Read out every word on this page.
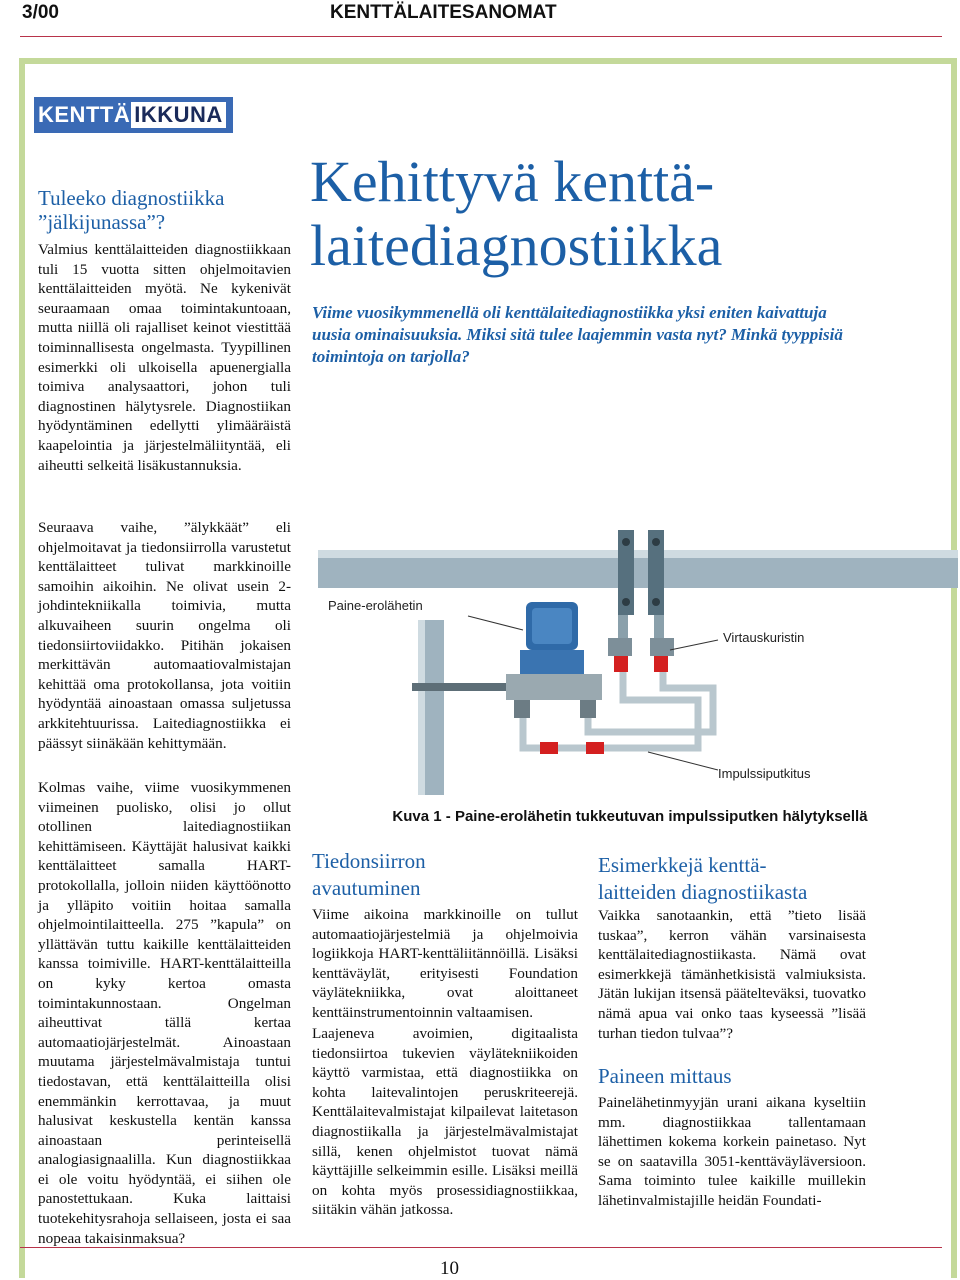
3/00	KENTTÄLAITESANOMAT
KENTTÄ IKKUNA
Tuleeko diagnostiikka ”jälkijunassa”?
Valmius kenttälaitteiden diagnostiikkaan tuli 15 vuotta sitten ohjelmoitavien kenttälaitteiden myötä. Ne kykenivät seuraamaan omaa toimintakuntoaan, mutta niillä oli rajalliset keinot viestittää toiminnallisesta ongelmasta. Tyypillinen esimerkki oli ulkoisella apuenergialla toimiva analysaattori, johon tuli diagnostinen hälytysrele. Diagnostiikan hyödyntäminen edellytti ylimääräistä kaapelointia ja järjestelmäliityntää, eli aiheutti selkeitä lisäkustannuksia.
Seuraava vaihe, ”älykkäät” eli ohjelmoitavat ja tiedonsiirrolla varustetut kenttälaitteet tulivat markkinoille samoihin aikoihin. Ne olivat usein 2-johdintekniikalla toimivia, mutta alkuvaiheen suurin ongelma oli tiedonsiirtoviidakko. Pitihän jokaisen merkittävän automaatiovalmistajan kehittää oma protokollansa, jota voitiin hyödyntää ainoastaan omassa suljetussa arkkitehtuurissa. Laitediagnostiikka ei päässyt siinäkään kehittymään.
Kolmas vaihe, viime vuosikymmenen viimeinen puolisko, olisi jo ollut otollinen laitediagnostiikan kehittämiseen. Käyttäjät halusivat kaikki kenttälaitteet samalla HART-protokollalla, jolloin niiden käyttöönotto ja ylläpito voitiin hoitaa samalla ohjelmointilaitteella. 275 ”kapula” on yllättävän tuttu kaikille kenttälaitteiden kanssa toimiville. HART-kenttälaitteilla on kyky kertoa omasta toimintakunnostaan. Ongelman aiheuttivat tällä kertaa automaatiojärjestelmät. Ainoastaan muutama järjestelmävalmistaja tuntui tiedostavan, että kenttälaitteilla olisi enemmänkin kerrottavaa, ja muut halusivat keskustella kentän kanssa ainoastaan perinteisellä analogiasignaalilla. Kun diagnostiikkaa ei ole voitu hyödyntää, ei siihen ole panostettukaan. Kuka laittaisi tuotekehitysrahoja sellaiseen, josta ei saa nopeaa takaisinmaksua?
Kehittyvä kenttä-
laitediagnostiikka
Viime vuosikymmenellä oli kenttälaitediagnostiikka yksi eniten kaivattuja uusia ominaisuuksia. Miksi sitä tulee laajemmin vasta nyt? Minkä tyyppisiä toimintoja on tarjolla?
Paine-erolähetin
Virtauskuristin
Impulssiputkitus
Kuva 1 - Paine-erolähetin tukkeutuvan impulssiputken hälytyksellä
Tiedonsiirron
avautuminen
Viime aikoina markkinoille on tullut automaatiojärjestelmiä ja ohjelmoivia logiikkoja HART-kenttäliitännöillä. Lisäksi kenttäväylät, erityisesti Foundation väylätekniikka, ovat aloittaneet kenttäinstrumentoinnin valtaamisen.
Laajeneva avoimien, digitaalista tiedonsiirtoa tukevien väylätekniikoiden käyttö varmistaa, että diagnostiikka on kohta laitevalintojen peruskriteerejä. Kenttälaitevalmistajat kilpailevat laitetason diagnostiikalla ja järjestelmävalmistajat sillä, kenen ohjelmistot tuovat nämä käyttäjille selkeimmin esille. Lisäksi meillä on kohta myös prosessidiagnostiikkaa, siitäkin vähän jatkossa.
Esimerkkejä kenttä-
laitteiden diagnostiikasta
Vaikka sanotaankin, että ”tieto lisää tuskaa”, kerron vähän varsinaisesta kenttälaitediagnostiikasta. Nämä ovat esimerkkejä tämänhetkisistä valmiuksista. Jätän lukijan itsensä päätelteväksi, tuovatko nämä apua vai onko taas kyseessä ”lisää turhan tiedon tulvaa”?
Paineen mittaus
Painelähetinmyyjän urani aikana kyseltiin mm. diagnostiikkaa tallentamaan lähettimen kokema korkein painetaso. Nyt se on saatavilla 3051-kenttäväyläversioon. Sama toiminto tulee kaikille muillekin lähetinvalmistajille heidän Foundati-
10
